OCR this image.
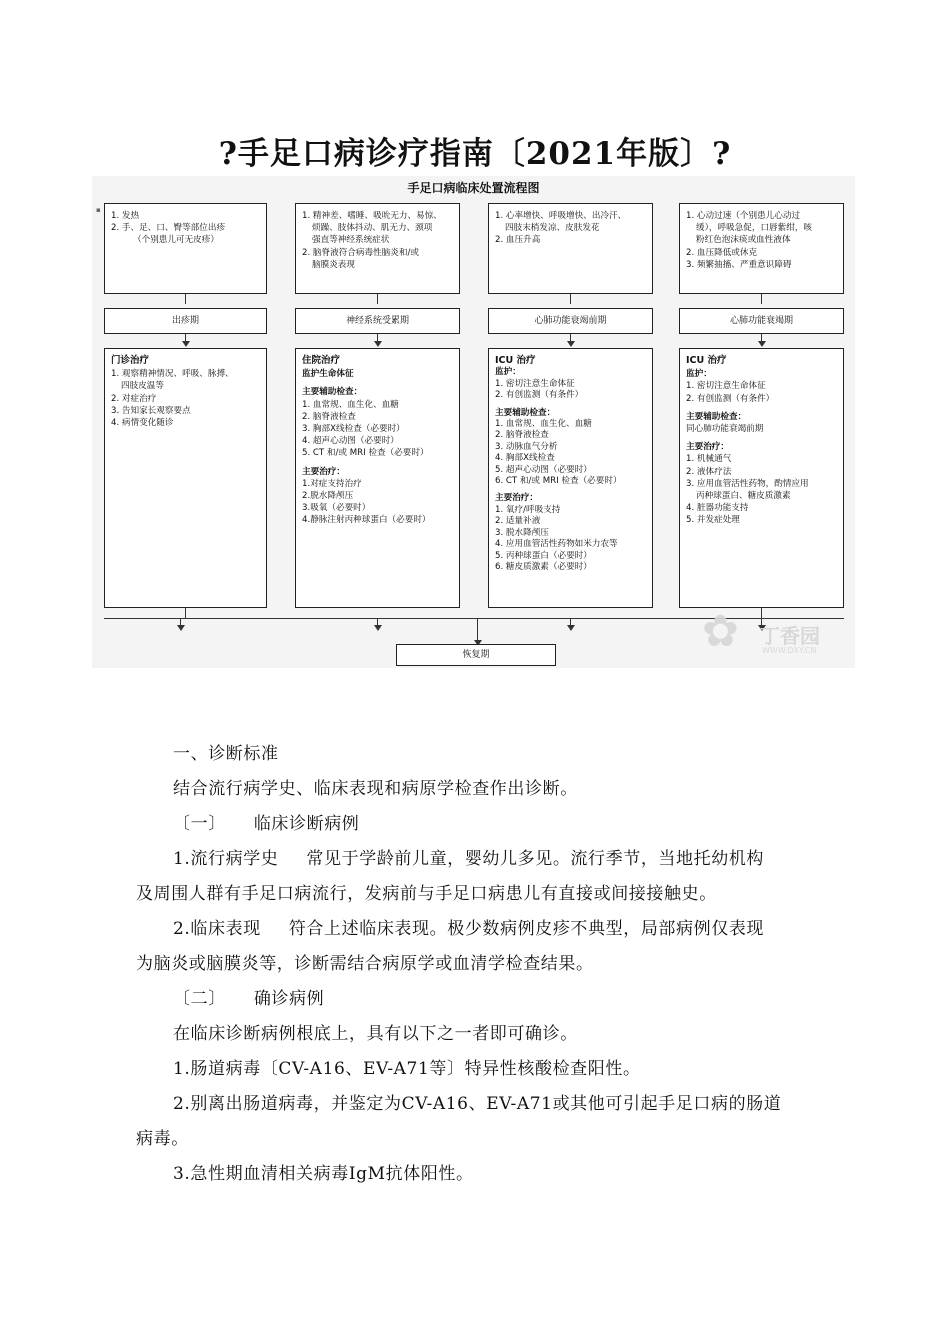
?手足口病诊疗指南〔2021年版〕?
手足口病临床处置流程图
▪
1. 发热
2. 手、足、口、臀等部位出疹
（个别患儿可无皮疹）
1. 精神差、嗜睡、吸吮无力、易惊、
烦躁、肢体抖动、肌无力、颈项
强直等神经系统症状
2. 脑脊液符合病毒性脑炎和/或
脑膜炎表现
1. 心率增快、呼吸增快、出冷汗、
四肢末梢发凉、皮肤发花
2. 血压升高
1. 心动过速（个别患儿心动过
缓），呼吸急促，口唇紫绀，咳
粉红色泡沫痰或血性液体
2. 血压降低或休克
3. 频繁抽搐、严重意识障碍
出疹期	神经系统受累期	心肺功能衰竭前期	心肺功能衰竭期
门诊治疗
1. 观察精神情况、呼吸、脉搏、
四肢皮温等
2. 对症治疗
3. 告知家长观察要点
4. 病情变化随诊
住院治疗
监护生命体征
主要辅助检查：
1. 血常规、血生化、血糖
2. 脑脊液检查
3. 胸部X线检查（必要时）
4. 超声心动图（必要时）
5. CT 和/或 MRI 检查（必要时）
主要治疗：
1.对症支持治疗
2.脱水降颅压
3.吸氧（必要时）
4.静脉注射丙种球蛋白（必要时）
ICU 治疗
监护：
1. 密切注意生命体征
2. 有创监测（有条件）
主要辅助检查：
1. 血常规、血生化、血糖
2. 脑脊液检查
3. 动脉血气分析
4. 胸部X线检查
5. 超声心动图（必要时）
6. CT 和/或 MRI 检查（必要时）
主要治疗：
1. 氧疗/呼吸支持
2. 适量补液
3. 脱水降颅压
4. 应用血管活性药物如米力农等
5. 丙种球蛋白（必要时）
6. 糖皮质激素（必要时）
ICU 治疗
监护：
1. 密切注意生命体征
2. 有创监测（有条件）
主要辅助检查：
同心肺功能衰竭前期
主要治疗：
1. 机械通气
2. 液体疗法
3. 应用血管活性药物，酌情应用
丙种球蛋白、糖皮质激素
4. 脏器功能支持
5. 并发症处理
恢复期	✿ 丁香园
WWW.DXY.CN

一、诊断标准

结合流行病学史、临床表现和病原学检查作出诊断。

〔一〕 临床诊断病例

1.流行病学史 常见于学龄前儿童，婴幼儿多见。流行季节，当地托幼机构

及周围人群有手足口病流行，发病前与手足口病患儿有直接或间接接触史。

2.临床表现 符合上述临床表现。极少数病例皮疹不典型，局部病例仅表现

为脑炎或脑膜炎等，诊断需结合病原学或血清学检查结果。

〔二〕 确诊病例

在临床诊断病例根底上，具有以下之一者即可确诊。

1.肠道病毒〔CV-A16、EV-A71等〕特异性核酸检查阳性。

2.别离出肠道病毒，并鉴定为CV-A16、EV-A71或其他可引起手足口病的肠道

病毒。

3.急性期血清相关病毒IgM抗体阳性。
